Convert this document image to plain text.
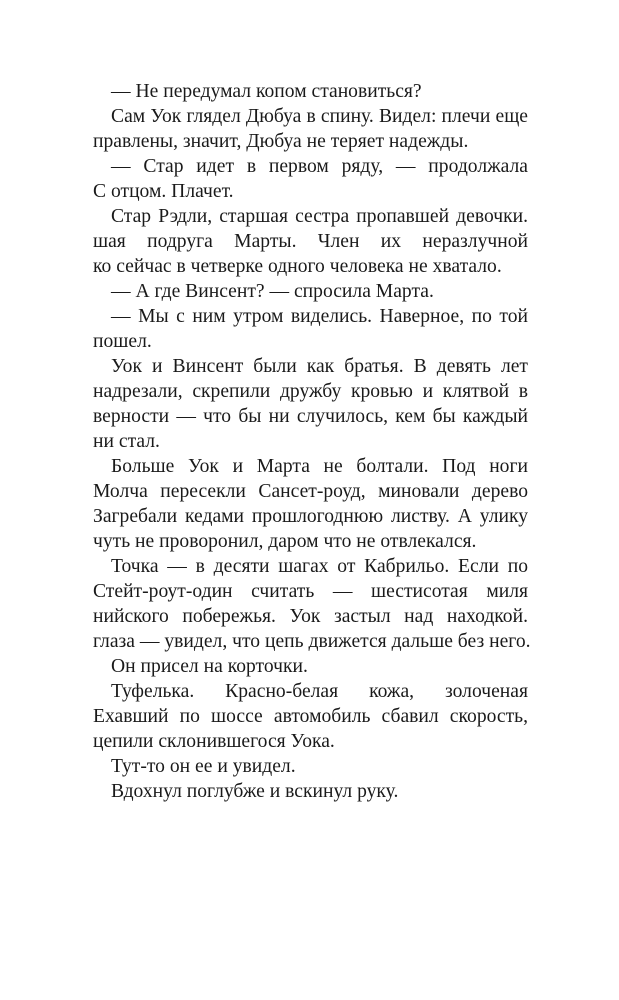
— Не передумал копом становиться?
Сам Уок глядел Дюбуа в спину. Видел: плечи еще
правлены, значит, Дюбуа не теряет надежды.
— Стар идет в первом ряду, — продолжала
С отцом. Плачет.
Стар Рэдли, старшая сестра пропавшей девочки.
шая подруга Марты. Член их неразлучной
ко сейчас в четверке одного человека не хватало.
— А где Винсент? — спросила Марта.
— Мы с ним утром виделись. Наверное, по той
пошел.
Уок и Винсент были как братья. В девять лет
надрезали, скрепили дружбу кровью и клятвой в
верности — что бы ни случилось, кем бы каждый
ни стал.
Больше Уок и Марта не болтали. Под ноги
Молча пересекли Сансет-роуд, миновали дерево
Загребали кедами прошлогоднюю листву. А улику
чуть не проворонил, даром что не отвлекался.
Точка — в десяти шагах от Кабрильо. Если по
Стейт-роут-один считать — шестисотая миля
нийского побережья. Уок застыл над находкой.
глаза — увидел, что цепь движется дальше без него.
Он присел на корточки.
Туфелька. Красно-белая кожа, золоченая
Ехавший по шоссе автомобиль сбавил скорость,
цепили склонившегося Уока.
Тут-то он ее и увидел.
Вдохнул поглубже и вскинул руку.
